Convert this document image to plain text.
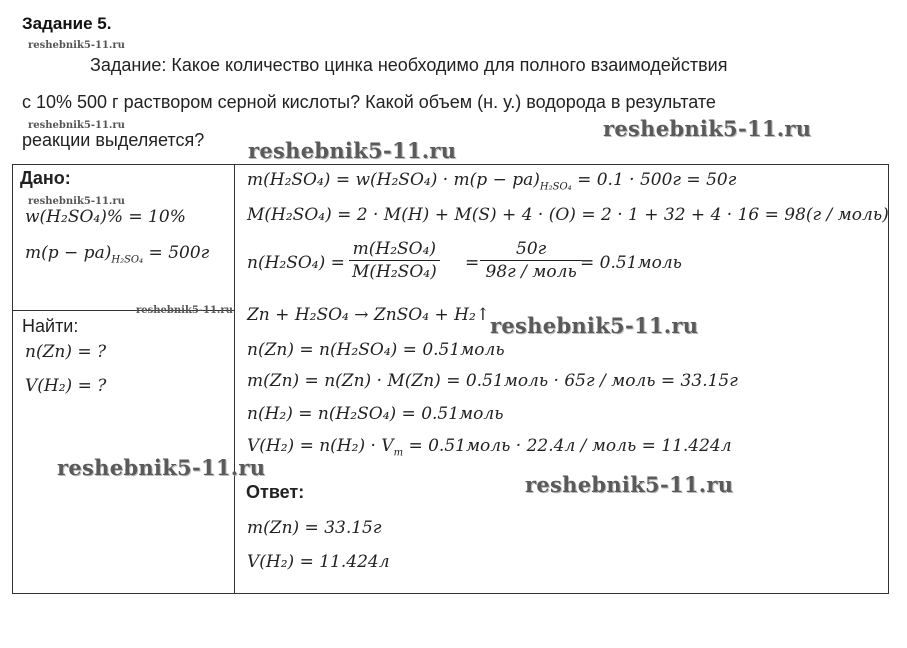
Задание 5.
reshebnik5-11.ru
Задание: Какое количество цинка необходимо для полного взаимодействия
с 10% 500 г раствором серной кислоты? Какой объем (н. у.) водорода в результате
reshebnik5-11.ru
реакции выделяется?	reshebnik5-11.ru
reshebnik5-11.ru
Дано:
reshebnik5-11.ru
w(H₂SO₄)% = 10%
$m(p - pa)_{H_2SO_4} = 500г$
Найти:
reshebnik5-11.ru
n(Zn) = ?
V(H₂) = ?
reshebnik5-11.ru
$m(H_2SO_4) = w(H_2SO_4) \cdot m(p - pa)_{H_2SO_4} = 0.1 \cdot 500г = 50г$
M(H₂SO₄) = 2 · M(H) + M(S) + 4 · (O) = 2 · 1 + 32 + 4 · 16 = 98(г / моль)
$n(H_2SO_4) = \frac{\text{m(H₂SO₄)}}{\text{M(H₂SO₄)}}$ =
50г
98г / моль = 0.51моль
Zn + H₂SO₄ → ZnSO₄ + H₂↑ reshebnik5-11.ru
n(Zn) = n(H₂SO₄) = 0.51моль
m(Zn) = n(Zn) · M(Zn) = 0.51моль · 65г / моль = 33.15г
n(H₂) = n(H₂SO₄) = 0.51моль
$V(H_2) = n(H_2) \cdot V_m$ = 0.51моль · 22.4л / моль = 11.424л
Ответ:	reshebnik5-11.ru
m(Zn) = 33.15г
V(H₂) = 11.424л
